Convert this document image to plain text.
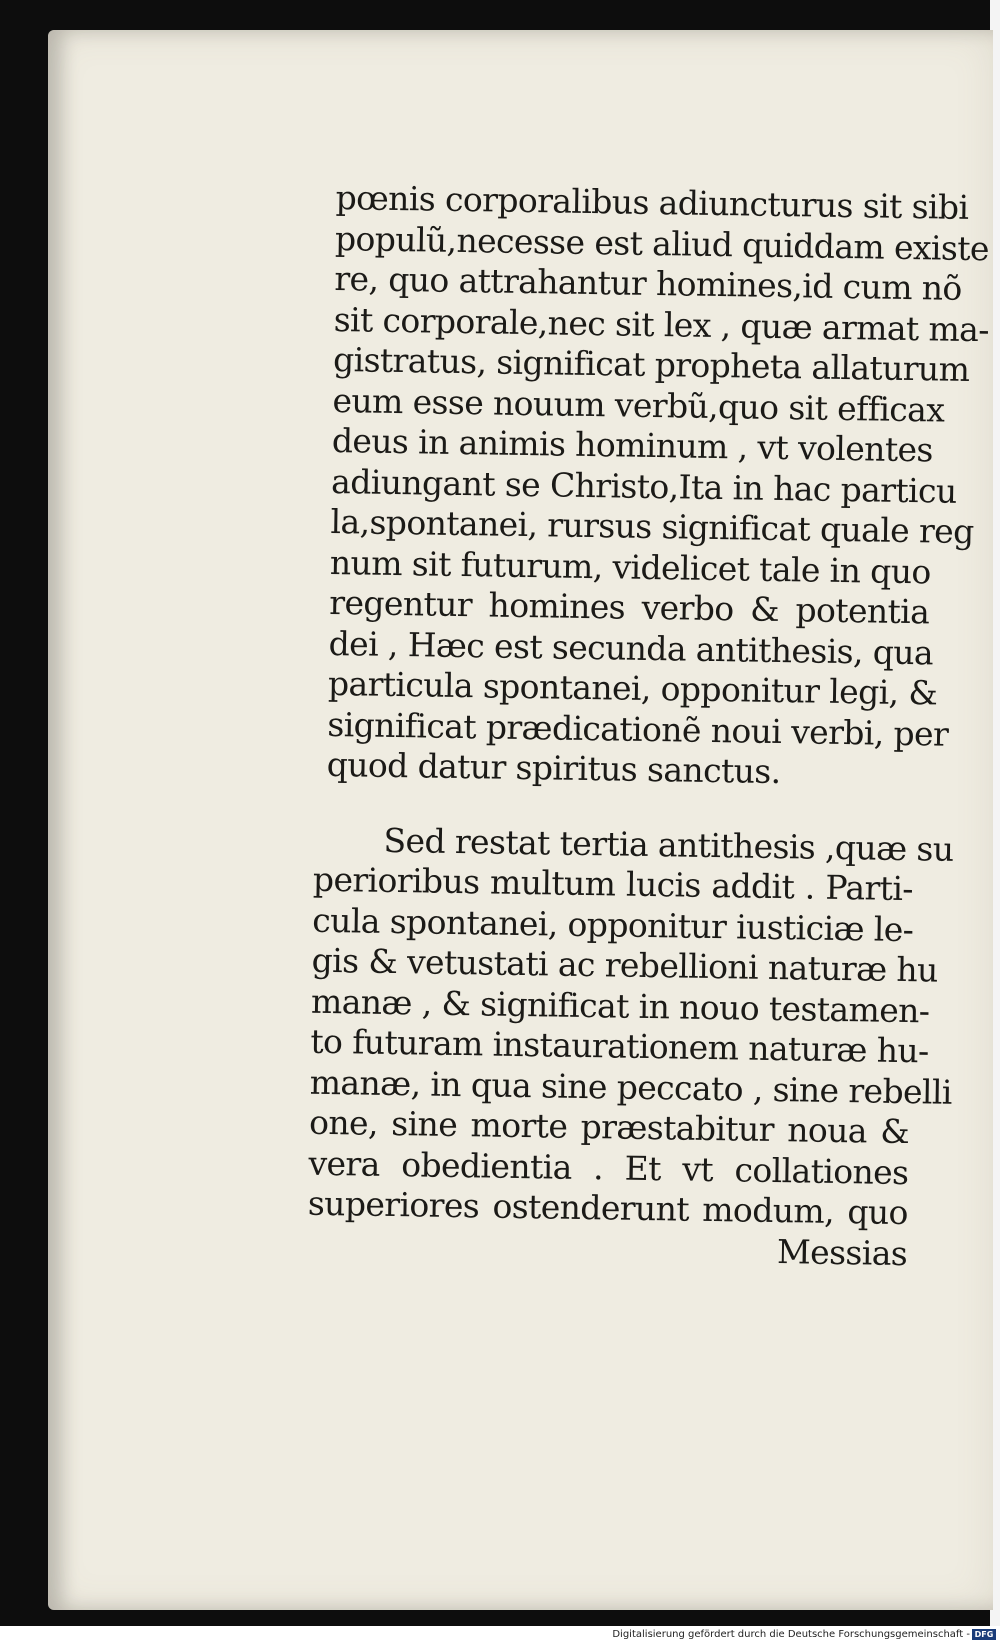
pœnis corporalibus adiuncturus sit sibi
populũ,necesse est aliud quiddam existe
re, quo attrahantur homines,id cum nõ
sit corporale,nec sit lex , quæ armat ma-
gistratus, significat propheta allaturum
eum esse nouum verbũ,quo sit efficax
deus in animis hominum , vt volentes
adiungant se Christo,Ita in hac particu
la,spontanei, rursus significat quale reg
num sit futurum, videlicet tale in quo
regentur homines verbo & potentia
dei , Hæc est secunda antithesis, qua
particula spontanei, opponitur legi, &
significat prædicationẽ noui verbi, per
quod datur spiritus sanctus.
Sed restat tertia antithesis ,quæ su
perioribus multum lucis addit . Parti-
cula spontanei, opponitur iusticiæ le-
gis & vetustati ac rebellioni naturæ hu
manæ , & significat in nouo testamen-
to futuram instaurationem naturæ hu-
manæ, in qua sine peccato , sine rebelli
one, sine morte præstabitur noua &
vera obedientia . Et vt collationes
superiores ostenderunt modum, quo
Messias
Digitalisierung gefördert durch die Deutsche Forschungsgemeinschaft - DFG
